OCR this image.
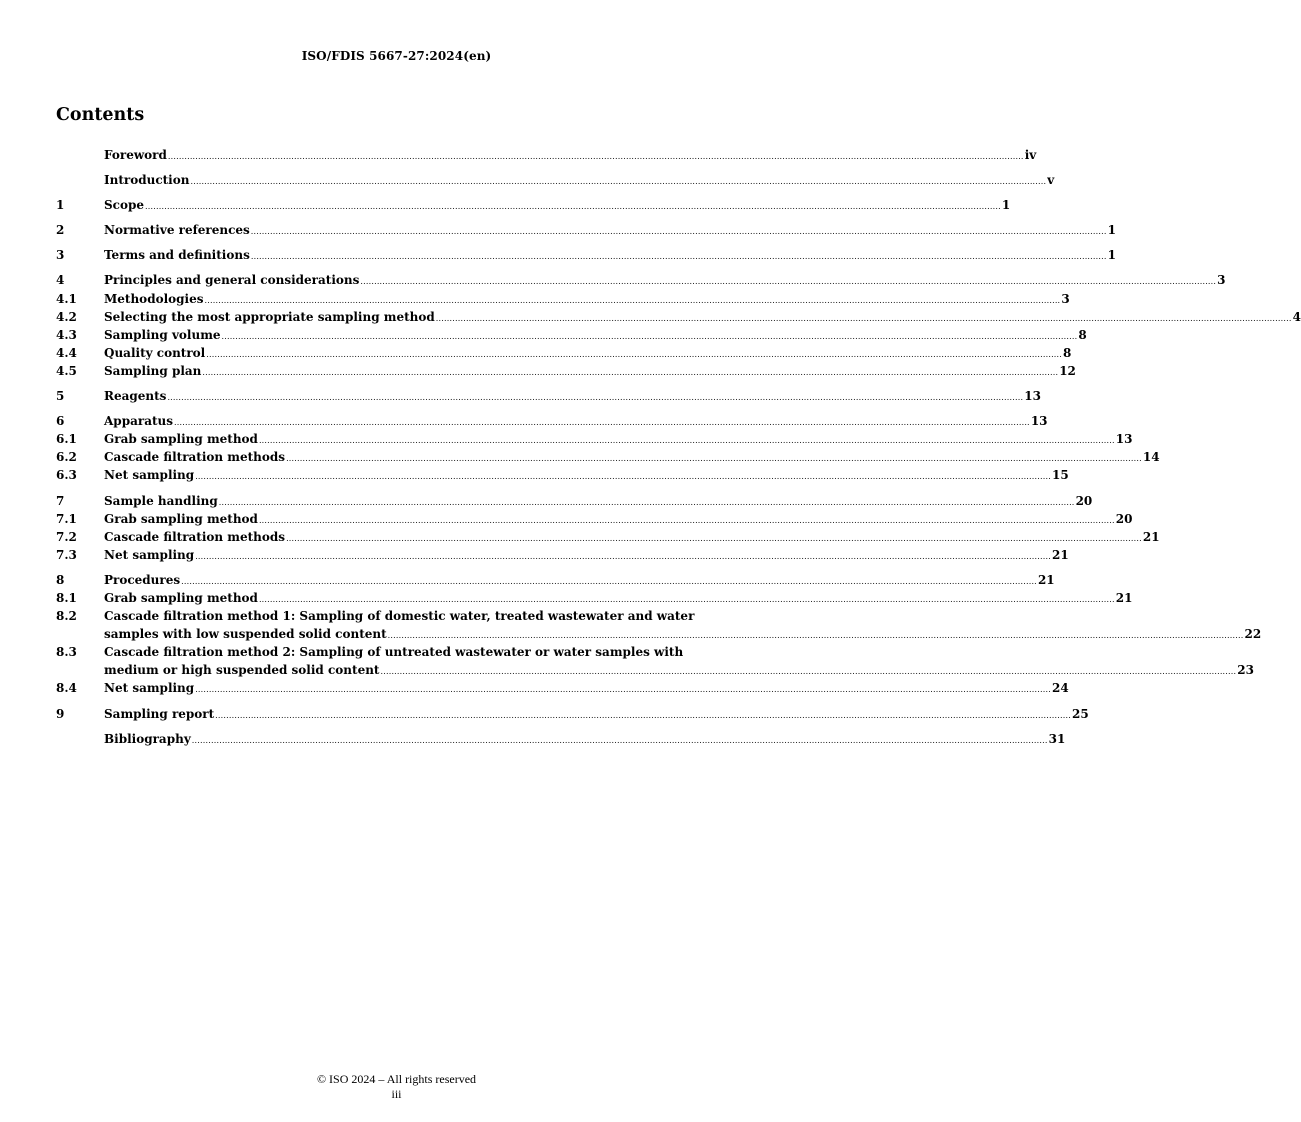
ISO/FDIS 5667-27:2024(en)
Contents
Foreword .....	iv
Introduction .....	v
1	Scope .....	1
2	Normative references .....	1
3	Terms and definitions .....	1
4	Principles and general considerations .....	3
4.1	Methodologies .....	3
4.2	Selecting the most appropriate sampling method .....	4
4.3	Sampling volume .....	8
4.4	Quality control .....	8
4.5	Sampling plan .....	12
5	Reagents .....	13
6	Apparatus .....	13
6.1	Grab sampling method .....	13
6.2	Cascade filtration methods .....	14
6.3	Net sampling .....	15
7	Sample handling .....	20
7.1	Grab sampling method .....	20
7.2	Cascade filtration methods .....	21
7.3	Net sampling .....	21
8	Procedures .....	21
8.1	Grab sampling method .....	21
8.2	Cascade filtration method 1: Sampling of domestic water, treated wastewater and water
samples with low suspended solid content .....	22
8.3	Cascade filtration method 2: Sampling of untreated wastewater or water samples with
medium or high suspended solid content .....	23
8.4	Net sampling .....	24
9	Sampling report .....	25
Bibliography .....	31
© ISO 2024 – All rights reserved
iii
